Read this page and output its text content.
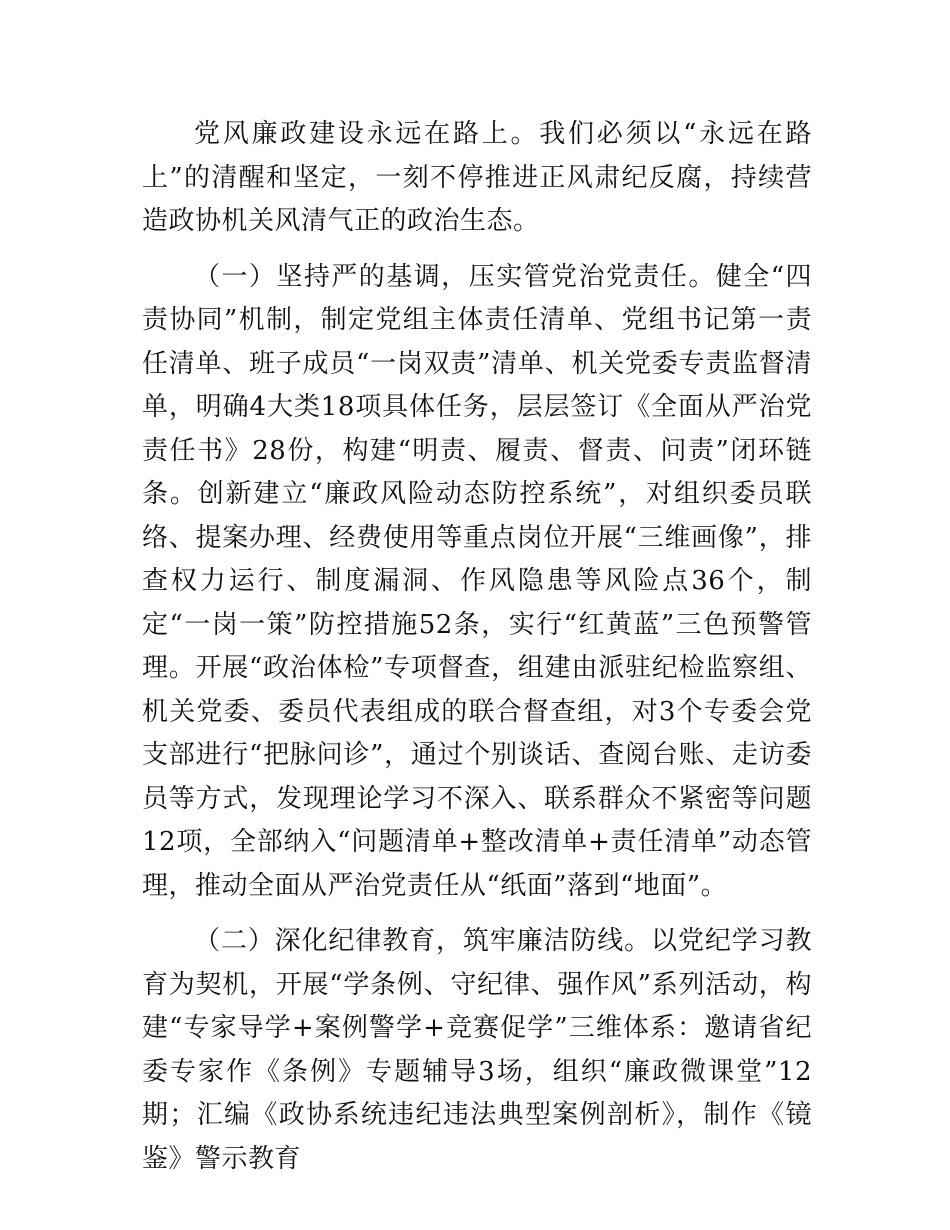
党风廉政建设永远在路上。我们必须以“永远在路上”的清醒和坚定，一刻不停推进正风肃纪反腐，持续营造政协机关风清气正的政治生态。

（一）坚持严的基调，压实管党治党责任。健全“四责协同”机制，制定党组主体责任清单、党组书记第一责任清单、班子成员“一岗双责”清单、机关党委专责监督清单，明确4大类18项具体任务，层层签订《全面从严治党责任书》28份，构建“明责、履责、督责、问责”闭环链条。创新建立“廉政风险动态防控系统”，对组织委员联络、提案办理、经费使用等重点岗位开展“三维画像”，排查权力运行、制度漏洞、作风隐患等风险点36个，制定“一岗一策”防控措施52条，实行“红黄蓝”三色预警管理。开展“政治体检”专项督查，组建由派驻纪检监察组、机关党委、委员代表组成的联合督查组，对3个专委会党支部进行“把脉问诊”，通过个别谈话、查阅台账、走访委员等方式，发现理论学习不深入、联系群众不紧密等问题12项，全部纳入“问题清单+整改清单+责任清单”动态管理，推动全面从严治党责任从“纸面”落到“地面”。

（二）深化纪律教育，筑牢廉洁防线。以党纪学习教育为契机，开展“学条例、守纪律、强作风”系列活动，构建“专家导学+案例警学+竞赛促学”三维体系：邀请省纪委专家作《条例》专题辅导3场，组织“廉政微课堂”12期；汇编《政协系统违纪违法典型案例剖析》，制作《镜鉴》警示教育
